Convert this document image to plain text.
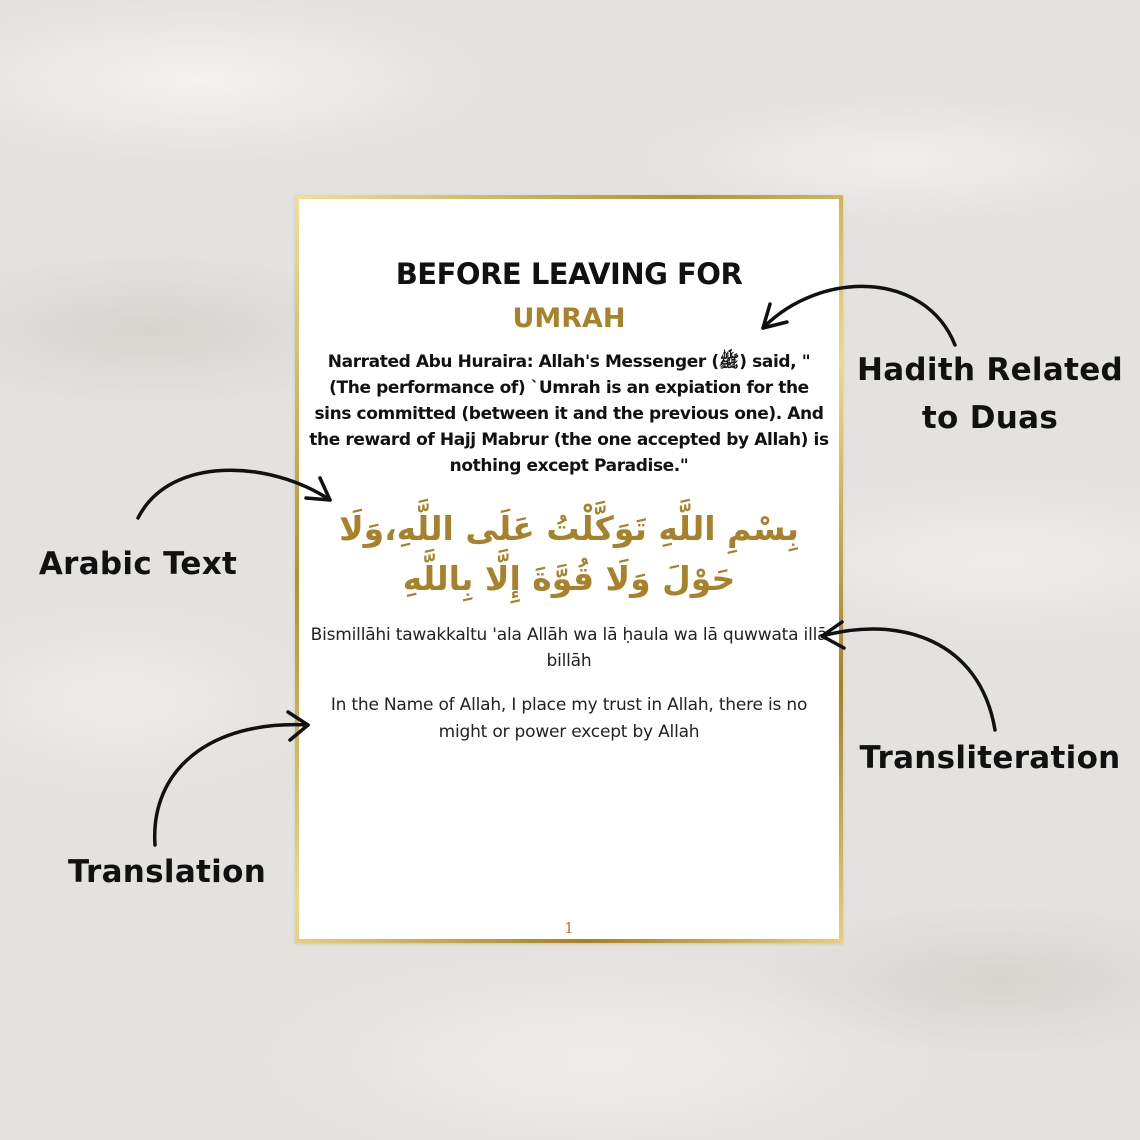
BEFORE LEAVING FOR
UMRAH
Narrated Abu Huraira: Allah's Messenger (ﷺ) said, " (The performance of) `Umrah is an expiation for the sins committed (between it and the previous one). And the reward of Hajj Mabrur (the one accepted by Allah) is nothing except Paradise."
بِسْمِ اللَّهِ تَوَكَّلْتُ عَلَى اللَّهِ،وَلَا حَوْلَ وَلَا قُوَّةَ إِلَّا بِاللَّهِ
Bismillāhi tawakkaltu 'ala Allāh wa lā ḥaula wa lā quwwata illā billāh
In the Name of Allah, I place my trust in Allah, there is no might or power except by Allah
1
Hadith Related to Duas
Arabic Text
Transliteration
Translation
